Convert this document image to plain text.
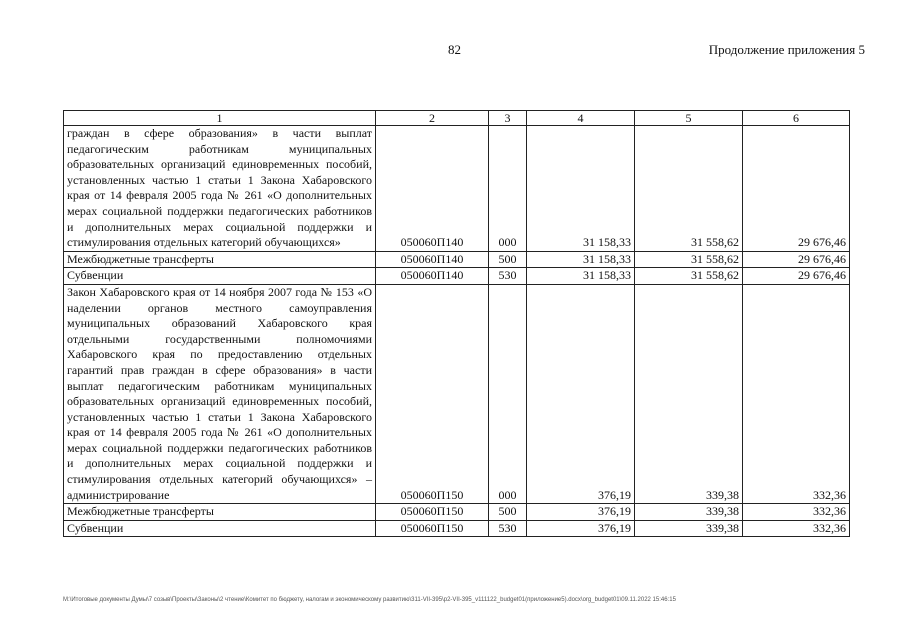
82	Продолжение приложения 5
1	2	3	4	5	6
граждан в сфере образования» в части выплат педагогическим работникам муниципальных образовательных организаций единовременных пособий, установленных частью 1 статьи 1 Закона Хабаровского края от 14 февраля 2005 года № 261 «О дополнительных мерах социальной поддержки педагогических работников и дополнительных мерах социальной поддержки и стимулирования отдельных категорий обучающихся»	050060П140	000	31 158,33	31 558,62	29 676,46
Межбюджетные трансферты	050060П140	500	31 158,33	31 558,62	29 676,46
Субвенции	050060П140	530	31 158,33	31 558,62	29 676,46
Закон Хабаровского края от 14 ноября 2007 года № 153 «О наделении органов местного самоуправления муниципальных образований Хабаровского края отдельными государственными полномочиями Хабаровского края по предоставлению отдельных гарантий прав граждан в сфере образования» в части выплат педагогическим работникам муниципальных образовательных организаций единовременных пособий, установленных частью 1 статьи 1 Закона Хабаровского края от 14 февраля 2005 года № 261 «О дополнительных мерах социальной поддержки педагогических работников и дополнительных мерах социальной поддержки и стимулирования отдельных категорий обучающихся» – администрирование	050060П150	000	376,19	339,38	332,36
Межбюджетные трансферты	050060П150	500	376,19	339,38	332,36
Субвенции	050060П150	530	376,19	339,38	332,36
М:\Итоговые документы Думы\7 созыв\Проекты\Законы\2 чтение\Комитет по бюджету, налогам и экономическому развитию\311-VII-395\р2-VII-395_v111122_budget01(приложение5).docx\org_budget01\09.11.2022 15:46:15
